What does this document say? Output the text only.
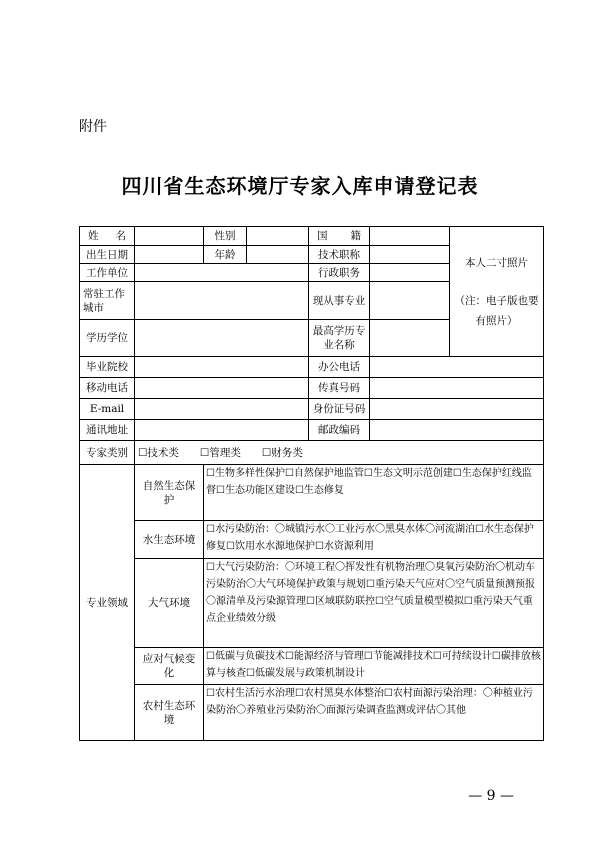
附件
四川省生态环境厅专家入库申请登记表
姓　名		性别		国　籍		本人二寸照片
（注：电子版也要有照片）

出生日期		年龄		技术职称		
工作单位				行政职务		
常驻工作城市				现从事专业		
学历学位				最高学历专业名称		
毕业院校				办公电话		
移动电话				传真号码		
E-mail				身份证号码		
通讯地址				邮政编码		
专家类别	☐技术类　　☐管理类　　☐财务类					
专业领域	自然生态保护	☐生物多样性保护☐自然保护地监管☐生态文明示范创建☐生态保护红线监督☐生态功能区建设☐生态修复				
	水生态环境	☐水污染防治：〇城镇污水〇工业污水〇黑臭水体〇河流湖泊☐水生态保护修复☐饮用水水源地保护☐水资源利用				
	大气环境	☐大气污染防治：〇环境工程〇挥发性有机物治理〇臭氧污染防治〇机动车污染防治〇大气环境保护政策与规划☐重污染天气应对〇空气质量预测预报〇源清单及污染源管理☐区域联防联控☐空气质量模型模拟☐重污染天气重点企业绩效分级				
	应对气候变化	☐低碳与负碳技术☐能源经济与管理☐节能减排技术☐可持续设计☐碳排放核算与核查☐低碳发展与政策机制设计				
	农村生态环境	☐农村生活污水治理☐农村黑臭水体整治☐农村面源污染治理：〇种植业污染防治〇养殖业污染防治〇面源污染调查监测或评估〇其他				
— 9 —
